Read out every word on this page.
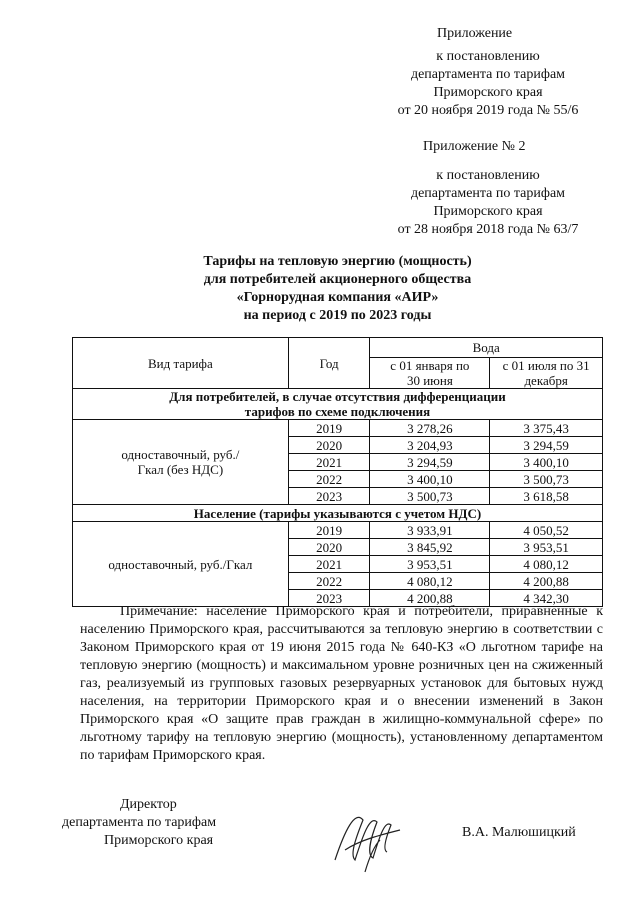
Приложение
к постановлению
департамента по тарифам
Приморского края
от 20 ноября 2019 года № 55/6
Приложение № 2
к постановлению
департамента по тарифам
Приморского края
от 28 ноября 2018 года № 63/7
Тарифы на тепловую энергию (мощность)
для потребителей акционерного общества
«Горнорудная компания «АИР»
на период с 2019 по 2023 годы
Вид тарифа	Год	Вода	
		с 01 января по 30 июня	с 01 июля по 31 декабря
Для потребителей, в случае отсутствия дифференциации тарифов по схеме подключения			
одноставочный, руб./Гкал (без НДС)	2019	3 278,26	3 375,43
	2020	3 204,93	3 294,59
	2021	3 294,59	3 400,10
	2022	3 400,10	3 500,73
	2023	3 500,73	3 618,58
Население (тарифы указываются с учетом НДС)			
одноставочный, руб./Гкал	2019	3 933,91	4 050,52
	2020	3 845,92	3 953,51
	2021	3 953,51	4 080,12
	2022	4 080,12	4 200,88
	2023	4 200,88	4 342,30
Примечание: население Приморского края и потребители, приравненные к населению Приморского края, рассчитываются за тепловую энергию в соответствии с Законом Приморского края от 19 июня 2015 года № 640-КЗ «О льготном тарифе на тепловую энергию (мощность) и максимальном уровне розничных цен на сжиженный газ, реализуемый из групповых газовых резервуарных установок для бытовых нужд населения, на территории Приморского края и о внесении изменений в Закон Приморского края «О защите прав граждан в жилищно-коммунальной сфере» по льготному тарифу на тепловую энергию (мощность), установленному департаментом по тарифам Приморского края.
Директор
департамента по тарифам
Приморского края
В.А. Малюшицкий
